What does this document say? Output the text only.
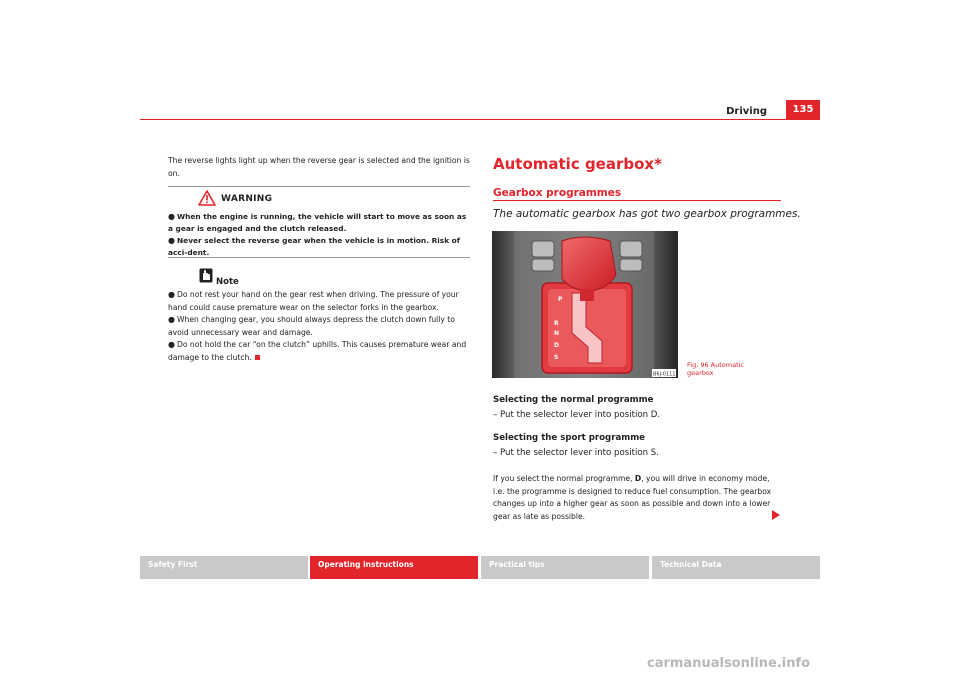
Driving	135
The reverse lights light up when the reverse gear is selected and the ignition is on.
WARNING
● When the engine is running, the vehicle will start to move as soon as a gear is engaged and the clutch released.
● Never select the reverse gear when the vehicle is in motion. Risk of acci-dent.
Note
● Do not rest your hand on the gear rest when driving. The pressure of your hand could cause premature wear on the selector forks in the gearbox.
● When changing gear, you should always depress the clutch down fully to avoid unnecessary wear and damage.
● Do not hold the car “on the clutch” uphills. This causes premature wear and damage to the clutch.
Automatic gearbox*
Gearbox programmes
The automatic gearbox has got two gearbox programmes.
P
R
N
D
S
B6J-0111
Fig. 96 Automatic gearbox
Selecting the normal programme
– Put the selector lever into position D.
Selecting the sport programme
– Put the selector lever into position S.
If you select the normal programme, D, you will drive in economy mode, i.e. the programme is designed to reduce fuel consumption. The gearbox changes up into a higher gear as soon as possible and down into a lower gear as late as possible.
Safety First	Operating instructions	Practical tips	Technical Data
carmanualsonline.info
